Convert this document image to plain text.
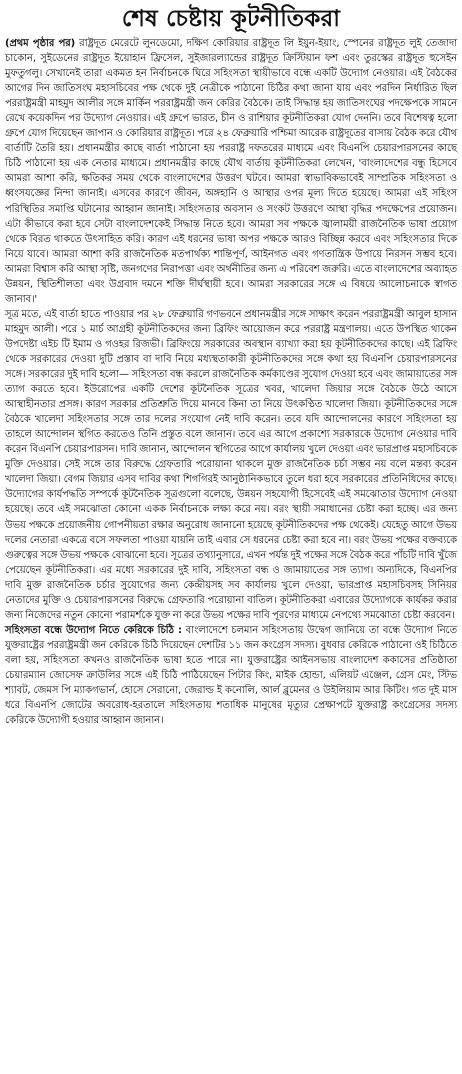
শেষ চেষ্টায় কূটনীতিকরা

(প্রথম পৃষ্ঠার পর) রাষ্ট্রদূত মেরেটে লুনডেমো, দক্ষিণ কোরিয়ার রাষ্ট্রদূত লি ইয়ুন-ইয়াং, স্পেনের রাষ্ট্রদূত লুই তেজাদা চাকোন, সুইডেনের রাষ্ট্রদূত ইয়োহান ফ্রিসেল, সুইজারল্যান্ডের রাষ্ট্রদূত ক্রিস্টিয়ান ফশ এবং তুরস্কের রাষ্ট্রদূত হুসেইন মুফতুগলু। সেখানেই তারা একমত হন নির্বাচনকে ঘিরে সহিংসতা স্থায়ীভাবে বন্ধে একটি উদ্যোগ নেওয়ার। এই বৈঠকের আগের দিন জাতিসংঘ মহাসচিবের পক্ষ থেকে দুই নেত্রীকে পাঠানো চিঠির কথা জানা যায় এবং পরদিন নির্ধারিত ছিল পররাষ্ট্রমন্ত্রী মাহমুদ আলীর সঙ্গে মার্কিন পররাষ্ট্রমন্ত্রী জন কেরির বৈঠকে। তাই সিদ্ধান্ত হয় জাতিসংঘের পদক্ষেপকে সামনে রেখে কয়েকদিন পর উদ্যোগ নেওয়ার। এই গ্রুপে ভারত, চীন ও রাশিয়ার কূটনীতিকরা যোগ দেননি। তবে বিশেষত্ব হলো গ্রুপে যোগ দিয়েছেন জাপান ও কোরিয়ার রাষ্ট্রদূত। পরে ২৪ ফেব্রুয়ারি পশ্চিমা আরেক রাষ্ট্রদূতের বাসায় বৈঠক করে যৌথ বার্তাটি তৈরি হয়। প্রধানমন্ত্রীর কাছে বার্তা পাঠানো হয় পররাষ্ট্র দফতরের মাধ্যমে এবং বিএনপি চেয়ারপারসনের কাছে চিঠি পাঠানো হয় এক নেতার মাধ্যমে। প্রধানমন্ত্রীর কাছে যৌথ বার্তায় কূটনীতিকরা লেখেন, 'বাংলাদেশের বন্ধু হিসেবে আমরা আশা করি, ক্ষতিকর সময় থেকে বাংলাদেশের উত্তরণ ঘটবে। আমরা স্বাভাবিকভাবেই সাম্প্রতিক সহিংসতা ও ধ্বংসযজ্ঞের নিন্দা জানাই। এসবের কারণে জীবন, অঙ্গহানি ও আস্থার ওপর মূল্য দিতে হয়েছে। আমরা এই সহিংস পরিস্থিতির সমাপ্তি ঘটানোর আহ্বান জানাই। সহিংসতার অবসান ও সংকট উত্তরণে আস্থা বৃদ্ধির পদক্ষেপের প্রয়োজন। এটা কীভাবে করা হবে সেটা বাংলাদেশকেই সিদ্ধান্ত নিতে হবে। আমরা সব পক্ষকে জ্বালাময়ী রাজনৈতিক ভাষা প্রয়োগ থেকে বিরত থাকতে উৎসাহিত করি। কারণ এই ধরনের ভাষা অপর পক্ষকে আরও বিচ্ছিন্ন করবে এবং সহিংসতার দিকে নিয়ে যাবে। আমরা আশা করি রাজনৈতিক মতপার্থক্য শান্তিপূর্ণ, আইনগত এবং গণতান্ত্রিক উপায়ে নিরসন সম্ভব হবে। আমরা বিশ্বাস করি আস্থা সৃষ্টি, জনগণের নিরাপত্তা এবং অর্থনীতির জন্য এ পরিবেশ জরুরি। এতে বাংলাদেশের অব্যাহত উন্নয়ন, স্থিতিশীলতা এবং উগ্রবাদ দমনে শক্তি দীর্ঘস্থায়ী হবে। আমরা সরকারের সঙ্গে এ বিষয়ে আলোচনাকে স্বাগত জানাব।'

সূত্র মতে, এই বার্তা হাতে পাওয়ার পর ২৮ ফেব্রুয়ারি গণভবনে প্রধানমন্ত্রীর সঙ্গে সাক্ষাৎ করেন পররাষ্ট্রমন্ত্রী আবুল হাসান মাহমুদ আলী। পরে ১ মার্চ আগ্রহী কূটনীতিকদের জন্য ব্রিফিং আয়োজন করে পররাষ্ট্র মন্ত্রণালয়। এতে উপস্থিত থাকেন উপদেষ্টা এইচ টি ইমাম ও গওহর রিজভী। ব্রিফিংয়ে সরকারের অবস্থান ব্যাখ্যা করা হয় কূটনীতিকদের কাছে। এই ব্রিফিং থেকে সরকারের দেওয়া দুটি প্রস্তাব বা দাবি নিয়ে মধ্যস্থতাকারী কূটনীতিকদের সঙ্গে কথা হয় বিএনপি চেয়ারপারসনের সঙ্গে। সরকারের দুই দাবি হলো— সহিংসতা বন্ধ করলে রাজনৈতিক কর্মকাণ্ডের সুযোগ দেওয়া হবে এবং জামায়াতের সঙ্গ ত্যাগ করতে হবে। ইউরোপের একটি দেশের কূটনৈতিক সূত্রের খবর, খালেদা জিয়ার সঙ্গে বৈঠকে উঠে আসে আস্থাহীনতার প্রসঙ্গ। কারণ সরকার প্রতিশ্রুতি দিয়ে মানবে কিনা তা নিয়ে উৎকণ্ঠিত খালেদা জিয়া। কূটনীতিকদের সঙ্গে বৈঠকে খালেদা সহিংসতার সঙ্গে তার দলের সংযোগ নেই দাবি করেন। তবে যদি আন্দোলনের কারণে সহিংসতা হয় তাহলে আন্দোলন স্থগিত করতেও তিনি প্রস্তুত বলে জানান। তবে এর আগে প্রকাশ্যে সরকারকে উদ্যোগ নেওয়ার দাবি করেন বিএনপি চেয়ারপারসন। দাবি জানান, আন্দোলন স্থগিতের আগে কার্যালয় খুলে দেওয়া এবং ভারপ্রাপ্ত মহাসচিবকে মুক্তি দেওয়ার। সেই সঙ্গে তার বিরুদ্ধে গ্রেফতারি পরোয়ানা থাকলে মুক্ত রাজনৈতিক চর্চা সম্ভব নয় বলে মন্তব্য করেন খালেদা জিয়া। বেগম জিয়ার এসব দাবির কথা শিগগিরই আনুষ্ঠানিকভাবে তুলে ধরা হবে সরকারের প্রতিনিধিদের কাছে। উদ্যোগের কার্যপদ্ধতি সম্পর্কে কূটনৈতিক সূত্রগুলো বলেছে, উন্নয়ন সহযোগী হিসেবেই এই সমঝোতার উদ্যোগ নেওয়া হয়েছে। তবে এই সমঝোতা কোনো একক নির্বাচনকে লক্ষ্য করে নয়। বরং স্থায়ী সমাধানের চেষ্টা করা হচ্ছে। এর জন্য উভয় পক্ষকে প্রয়োজনীয় গোপনীয়তা রক্ষার অনুরোধ জানানো হয়েছে কূটনীতিকদের পক্ষ থেকেই। যেহেতু আগে উভয় দলের নেতারা একত্রে বসে সফলতা পাওয়া যায়নি তাই এবার সে ধরনের চেষ্টা করা হবে না। বরং উভয় পক্ষের বক্তব্যকে গুরুত্বের সঙ্গে উভয় পক্ষকে বোঝানো হবে। সূত্রের তথ্যানুসারে, এখন পর্যন্ত দুই পক্ষের সঙ্গে বৈঠক করে পাঁচটি দাবি খুঁজে পেয়েছেন কূটনীতিকরা। এর মধ্যে সরকারের দুই দাবি, সহিংসতা বন্ধ ও জামায়াতের সঙ্গ ত্যাগ। অন্যদিকে, বিএনপির দাবি মুক্ত রাজনৈতিক চর্চার সুযোগের জন্য কেন্দ্রীয়সহ সব কার্যালয় খুলে দেওয়া, ভারপ্রাপ্ত মহাসচিবসহ সিনিয়র নেতাদের মুক্তি ও চেয়ারপারসনের বিরুদ্ধে গ্রেফতারি পরোয়ানা বাতিল। কূটনীতিকরা এবারের উদ্যোগকে কার্যকর করার জন্য নিজেদের নতুন কোনো পরামর্শকে যুক্ত না করে উভয় পক্ষের দাবি পূরণের মাধ্যমে নেপথ্যে সমঝোতা চেষ্টা করবেন।

সহিংসতা বন্ধে উদ্যোগ নিতে কেরিকে চিঠি : বাংলাদেশে চলমান সহিংসতায় উদ্বেগ জানিয়ে তা বন্ধে উদ্যোগ নিতে যুক্তরাষ্ট্রের পররাষ্ট্রমন্ত্রী জন কেরিকে চিঠি দিয়েছেন দেশটির ১১ জন কংগ্রেস সদস্য। বুধবার কেরিকে পাঠানো ওই চিঠিতে বলা হয়, সহিংসতা কখনও রাজনৈতিক ভাষা হতে পারে না। যুক্তরাষ্ট্রের আইনসভায় বাংলাদেশ ককাসের প্রতিষ্ঠাতা চেয়ারম্যান জোসেফ ক্রাউলির সঙ্গে এই চিঠি পাঠিয়েছেন পিটার কিং, মাইক হোন্ডা, এলিয়ট এঞ্জেল, গ্রেস মেং, স্টিভ শ্যাবট, জেমস পি ম্যাকগভার্ন, হোসে সেরানো, জেরাল্ড ই কনোলি, আর্ল ব্লুমেনর ও উইলিয়াম আর কিটিং। গত দুই মাস ধরে বিএনপি জোটের অবরোধ-হরতালে সহিংসতায় শতাধিক মানুষের মৃত্যুর প্রেক্ষাপটে যুক্তরাষ্ট্র কংগ্রেসের সদস্য কেরিকে উদ্যোগী হওয়ার আহ্বান জানান।
